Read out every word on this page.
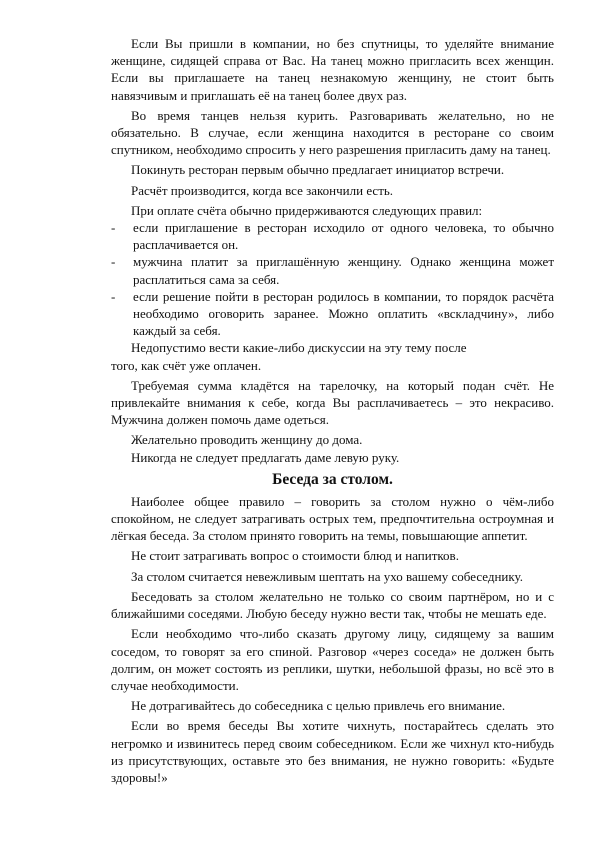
Если Вы пришли в компании, но без спутницы, то уделяйте внимание женщине, сидящей справа от Вас. На танец можно пригласить всех женщин. Если вы приглашаете на танец незнакомую женщину, не стоит быть навязчивым и приглашать её на танец более двух раз.

Во время танцев нельзя курить. Разговаривать желательно, но не обязательно. В случае, если женщина находится в ресторане со своим спутником, необходимо спросить у него разрешения пригласить даму на танец.

Покинуть ресторан первым обычно предлагает инициатор встречи.

Расчёт производится, когда все закончили есть.

При оплате счёта обычно придерживаются следующих правил:

-	если приглашение в ресторан исходило от одного человека, то обычно расплачивается он.
-	мужчина платит за приглашённую женщину. Однако женщина может расплатиться сама за себя.
-	если решение пойти в ресторан родилось в компании, то порядок расчёта необходимо оговорить заранее. Можно оплатить «вскладчину», либо каждый за себя.

Недопустимо вести какие-либо дискуссии на эту тему после

того, как счёт уже оплачен.

Требуемая сумма кладётся на тарелочку, на который подан счёт. Не привлекайте внимания к себе, когда Вы расплачиваетесь – это некрасиво. Мужчина должен помочь даме одеться.

Желательно проводить женщину до дома.

Никогда не следует предлагать даме левую руку.

Беседа за столом.

Наиболее общее правило – говорить за столом нужно о чём-либо спокойном, не следует затрагивать острых тем, предпочтительна остроумная и лёгкая беседа. За столом принято говорить на темы, повышающие аппетит.

Не стоит затрагивать вопрос о стоимости блюд и напитков.

За столом считается невежливым шептать на ухо вашему собеседнику.

Беседовать за столом желательно не только со своим партнёром, но и с ближайшими соседями. Любую беседу нужно вести так, чтобы не мешать еде.

Если необходимо что-либо сказать другому лицу, сидящему за вашим соседом, то говорят за его спиной. Разговор «через соседа» не должен быть долгим, он может состоять из реплики, шутки, небольшой фразы, но всё это в случае необходимости.

Не дотрагивайтесь до собеседника с целью привлечь его внимание.

Если во время беседы Вы хотите чихнуть, постарайтесь сделать это негромко и извинитесь перед своим собеседником. Если же чихнул кто-нибудь из присутствующих, оставьте это без внимания, не нужно говорить: «Будьте здоровы!»
